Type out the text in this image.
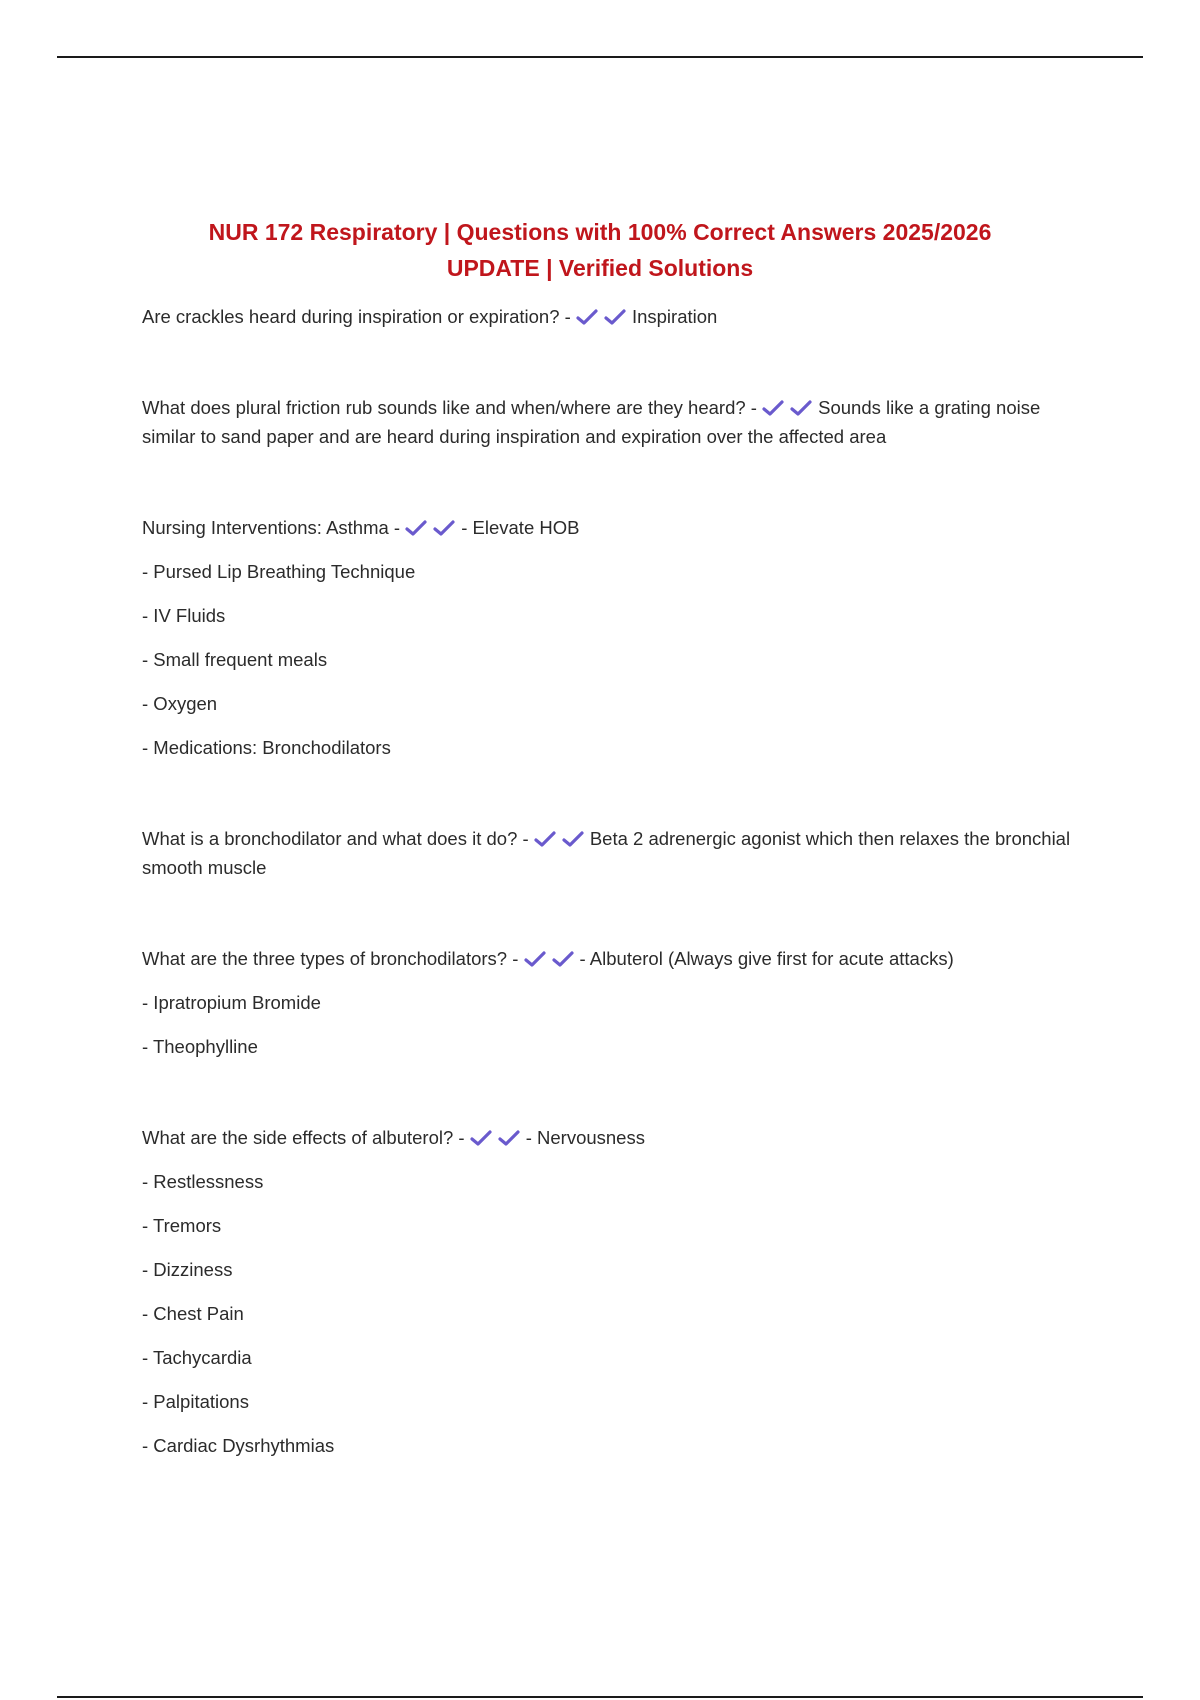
NUR 172 Respiratory | Questions with 100% Correct Answers 2025/2026
UPDATE | Verified Solutions

Are crackles heard during inspiration or expiration? -	Inspiration

What does plural friction rub sounds like and when/where are they heard? -	Sounds like a grating noise similar to sand paper and are heard during inspiration and expiration over the affected area

Nursing Interventions: Asthma -	- Elevate HOB

- Pursed Lip Breathing Technique

- IV Fluids

- Small frequent meals

- Oxygen

- Medications: Bronchodilators

What is a bronchodilator and what does it do? -	Beta 2 adrenergic agonist which then relaxes the bronchial smooth muscle

What are the three types of bronchodilators? -	- Albuterol (Always give first for acute attacks)

- Ipratropium Bromide

- Theophylline

What are the side effects of albuterol? -	- Nervousness

- Restlessness

- Tremors

- Dizziness

- Chest Pain

- Tachycardia

- Palpitations

- Cardiac Dysrhythmias
